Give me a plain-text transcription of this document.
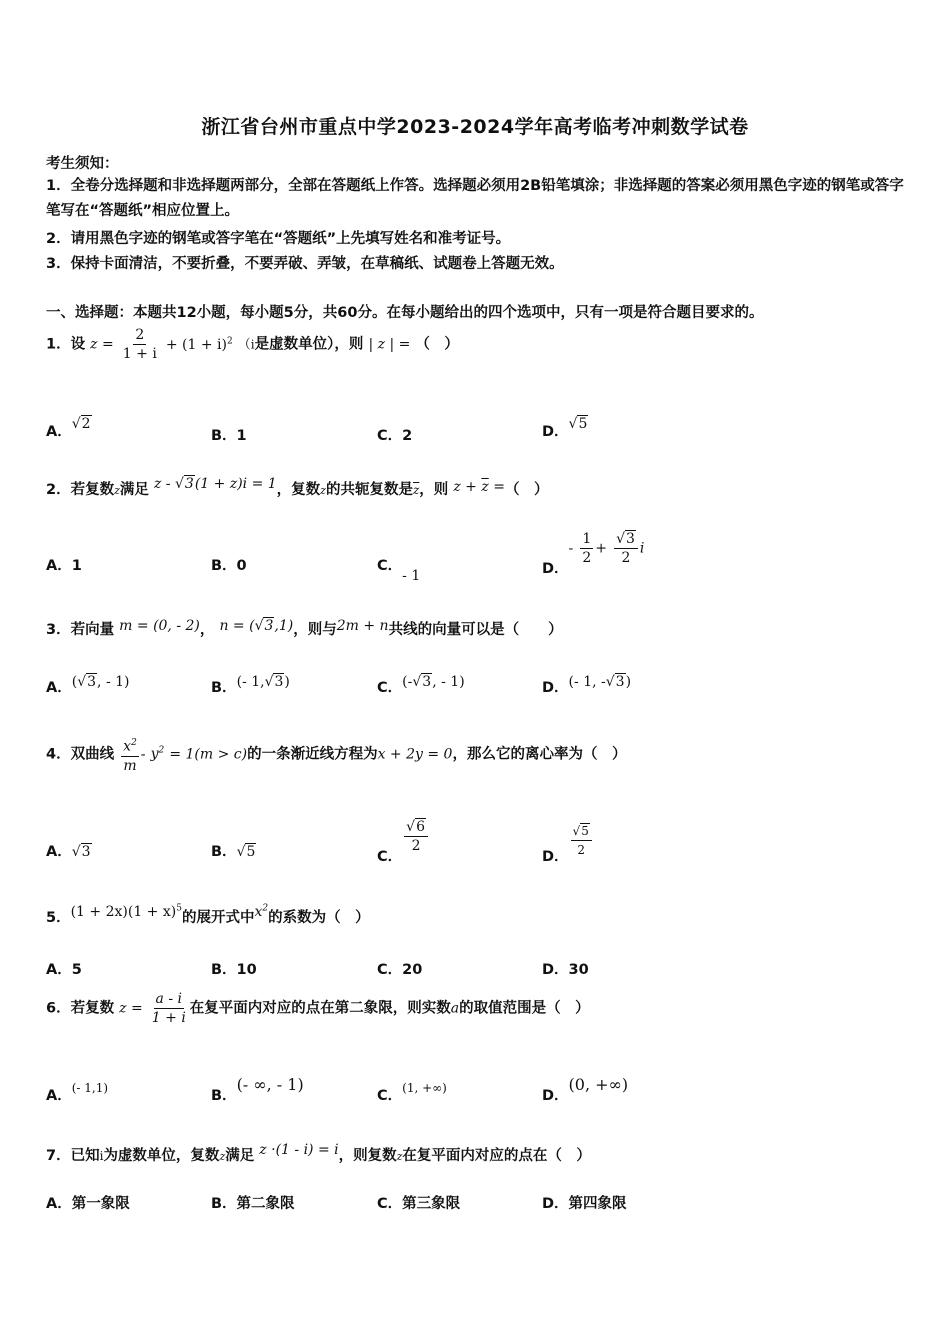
浙江省台州市重点中学2023-2024学年高考临考冲刺数学试卷
考生须知：
1．全卷分选择题和非选择题两部分，全部在答题纸上作答。选择题必须用2B铅笔填涂；非选择题的答案必须用黑色字迹的钢笔或答字笔写在“答题纸”相应位置上。
2．请用黑色字迹的钢笔或答字笔在“答题纸”上先填写姓名和准考证号。
3．保持卡面清洁，不要折叠，不要弄破、弄皱，在草稿纸、试题卷上答题无效。
一、选择题：本题共12小题，每小题5分，共60分。在每小题给出的四个选项中，只有一项是符合题目要求的。
1．设 $z = \frac{2}{1 + i} + (1 + i)^2$ （i是虚数单位），则 | z | = （　）
A．√2
B．1	C．2	D．√5
2．若复数z满足 z - √3(1 + z)i = 1，复数z的共轭复数是$\overline{z}$，则 $z + \overline{z}$ =（　）
A．1	B．0	C．- 1	D．- $\frac{1}{2} + \frac{√3}{2}$ i
3．若向量 m = (0, - 2)， n = (√3,1)，则与2m + n共线的向量可以是（　　）
A．(√3, - 1)	B．(- 1,√3)	C．(-√3, - 1)	D．(- 1, -√3)
4．双曲线 $\frac{x^2}{m} - y^2 = 1(m > c)$的一条渐近线方程为x + 2y = 0，那么它的离心率为（　）
A．√3	B．√5	C．
$\frac{√6}{2}$
D． $\frac{√5}{2}$
5．$(1 + 2x)(1 + x)^5$的展开式中$x^2$的系数为（　）
A．5	B．10	C．20	D．30
6．若复数 $z = \frac{a - i}{1 + i}$ 在复平面内对应的点在第二象限，则实数a的取值范围是（　）
A．$^{(- 1,1)}$	B．(- ∞, - 1)
C．$^{(1, +\infty)}$	D．(0, +∞)
7．已知i为虚数单位，复数z满足 z ·(1 - i) = i，则复数z在复平面内对应的点在（　）
A．第一象限	B．第二象限	C．第三象限	D．第四象限
